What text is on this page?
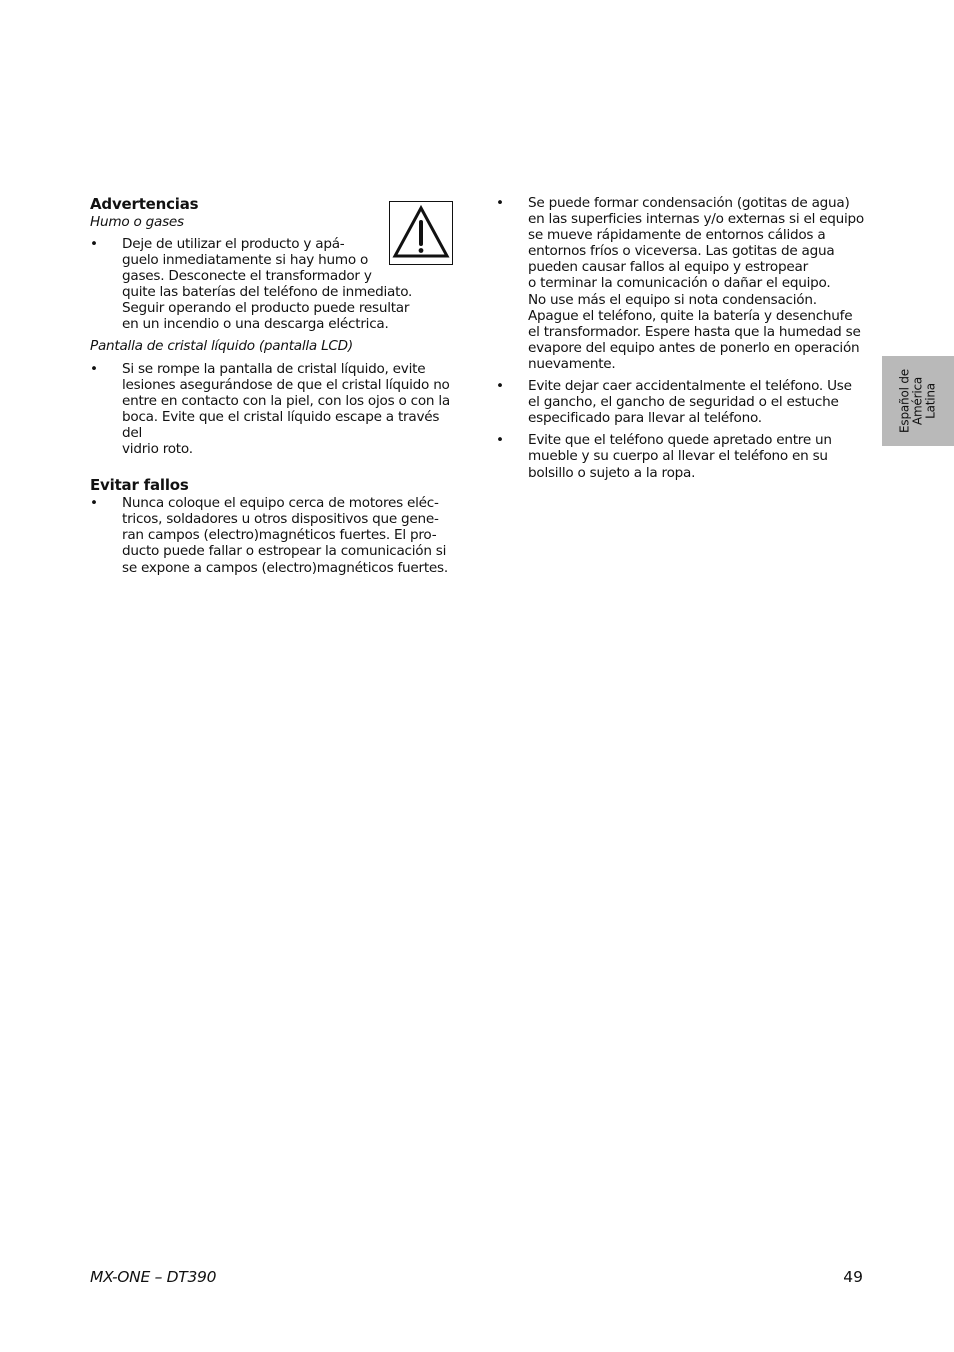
Advertencias

Humo o gases

• Deje de utilizar el producto y apá-
guelo inmediatamente si hay humo o
gases. Desconecte el transformador y
quite las baterías del teléfono de inmediato.
Seguir operando el producto puede resultar
en un incendio o una descarga eléctrica.

Pantalla de cristal líquido (pantalla LCD)

• Si se rompe la pantalla de cristal líquido, evite
lesiones asegurándose de que el cristal líquido no
entre en contacto con la piel, con los ojos o con la
boca. Evite que el cristal líquido escape a través del
vidrio roto.
Evitar fallos
• Nunca coloque el equipo cerca de motores eléc-
tricos, soldadores u otros dispositivos que gene-
ran campos (electro)magnéticos fuertes. El pro-
ducto puede fallar o estropear la comunicación si
se expone a campos (electro)magnéticos fuertes.
• Se puede formar condensación (gotitas de agua)
en las superficies internas y/o externas si el equipo
se mueve rápidamente de entornos cálidos a
entornos fríos o viceversa. Las gotitas de agua
pueden causar fallos al equipo y estropear
o terminar la comunicación o dañar el equipo.
No use más el equipo si nota condensación.
Apague el teléfono, quite la batería y desenchufe
el transformador. Espere hasta que la humedad se
evapore del equipo antes de ponerlo en operación
nuevamente.
• Evite dejar caer accidentalmente el teléfono. Use
el gancho, el gancho de seguridad o el estuche
especificado para llevar al teléfono.
• Evite que el teléfono quede apretado entre un
mueble y su cuerpo al llevar el teléfono en su
bolsillo o sujeto a la ropa.
Español de
América
Latina
MX-ONE – DT390	49
